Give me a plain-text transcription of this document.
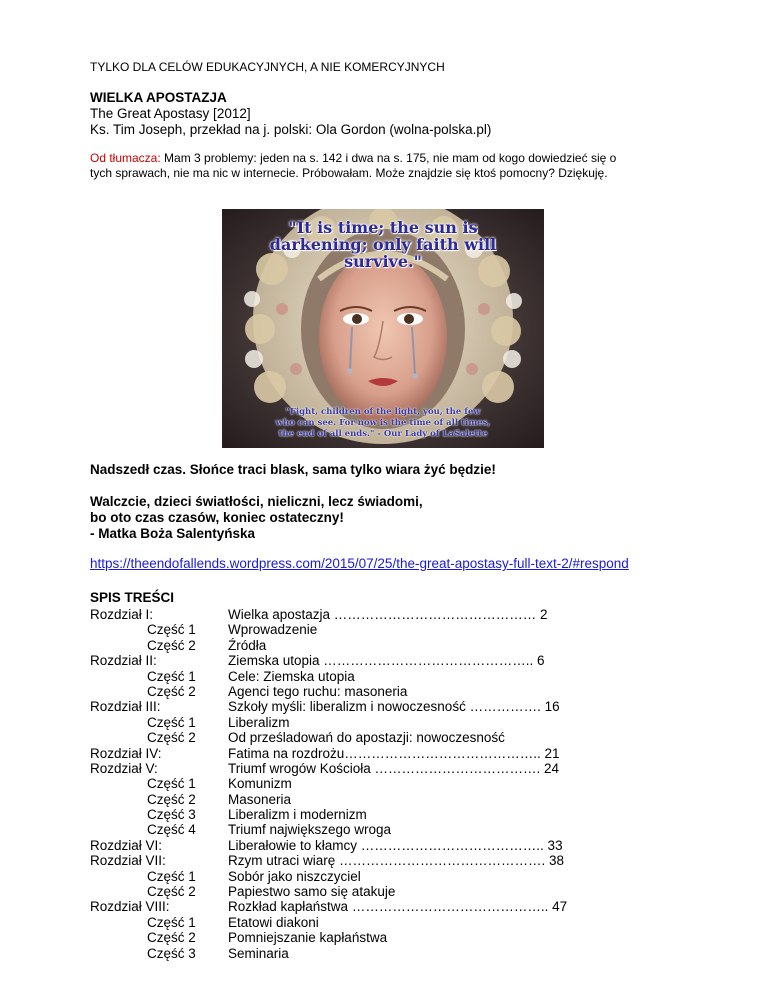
TYLKO DLA CELÓW EDUKACYJNYCH, A NIE KOMERCYJNYCH
WIELKA APOSTAZJA
The Great Apostasy [2012]
Ks. Tim Joseph, przekład na j. polski: Ola Gordon (wolna-polska.pl)
Od tłumacza: Mam 3 problemy: jeden na s. 142 i dwa na s. 175, nie mam od kogo dowiedzieć się o
tych sprawach, nie ma nic w internecie. Próbowałam. Może znajdzie się ktoś pomocny? Dziękuję.
"It is time; the sun is
darkening; only faith will
survive."
"Fight, children of the light, you, the few
who can see. For now is the time of all times,
the end of all ends." - Our Lady of LaSalette
Nadszedł czas. Słońce traci blask, sama tylko wiara żyć będzie!
Walczcie, dzieci światłości, nieliczni, lecz świadomi,
bo oto czas czasów, koniec ostateczny!
- Matka Boża Salentyńska
https://theendofallends.wordpress.com/2015/07/25/the-great-apostasy-full-text-2/#respond
SPIS TREŚCI
Rozdział I:	Wielka apostazja ……………………………………… 2
Część 1 Wprowadzenie
Część 2 Źródła
Rozdział II:	Ziemska utopia ……………………………………….. 6
Część 1 Cele: Ziemska utopia
Część 2 Agenci tego ruchu: masoneria
Rozdział III:	Szkoły myśli: liberalizm i nowoczesność ……………. 16
Część 1 Liberalizm
Część 2 Od prześladowań do apostazji: nowoczesność
Rozdział IV:	Fatima na rozdrożu…………………………………….. 21
Rozdział V:	Triumf wrogów Kościoła ………………………………. 24
Część 1 Komunizm
Część 2 Masoneria
Część 3 Liberalizm i modernizm
Część 4 Triumf największego wroga
Rozdział VI:	Liberałowie to kłamcy ………………………………….. 33
Rozdział VII:	Rzym utraci wiarę ………………………………………. 38
Część 1 Sobór jako niszczyciel
Część 2 Papiestwo samo się atakuje
Rozdział VIII:	Rozkład kapłaństwa …………………………………….. 47
Część 1 Etatowi diakoni
Część 2 Pomniejszanie kapłaństwa
Część 3 Seminaria
